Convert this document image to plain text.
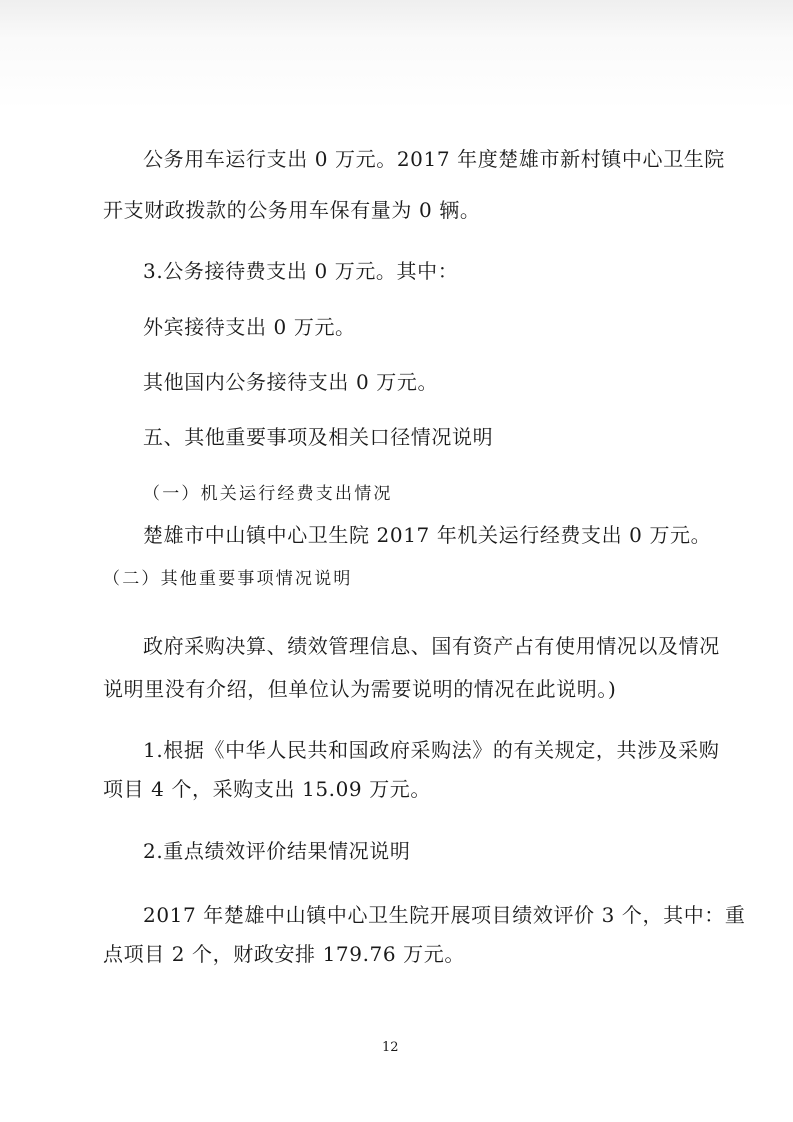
公务用车运行支出 0 万元。2017 年度楚雄市新村镇中心卫生院
开支财政拨款的公务用车保有量为 0 辆。
3.公务接待费支出 0 万元。其中：
外宾接待支出 0 万元。
其他国内公务接待支出 0 万元。
五、其他重要事项及相关口径情况说明
（一）机关运行经费支出情况
楚雄市中山镇中心卫生院 2017 年机关运行经费支出 0 万元。
（二）其他重要事项情况说明
政府采购决算、绩效管理信息、国有资产占有使用情况以及情况
说明里没有介绍，但单位认为需要说明的情况在此说明。)
1.根据《中华人民共和国政府采购法》的有关规定，共涉及采购
项目 4 个，采购支出 15.09 万元。
2.重点绩效评价结果情况说明
2017 年楚雄中山镇中心卫生院开展项目绩效评价 3 个，其中：重
点项目 2 个，财政安排 179.76 万元。
12
